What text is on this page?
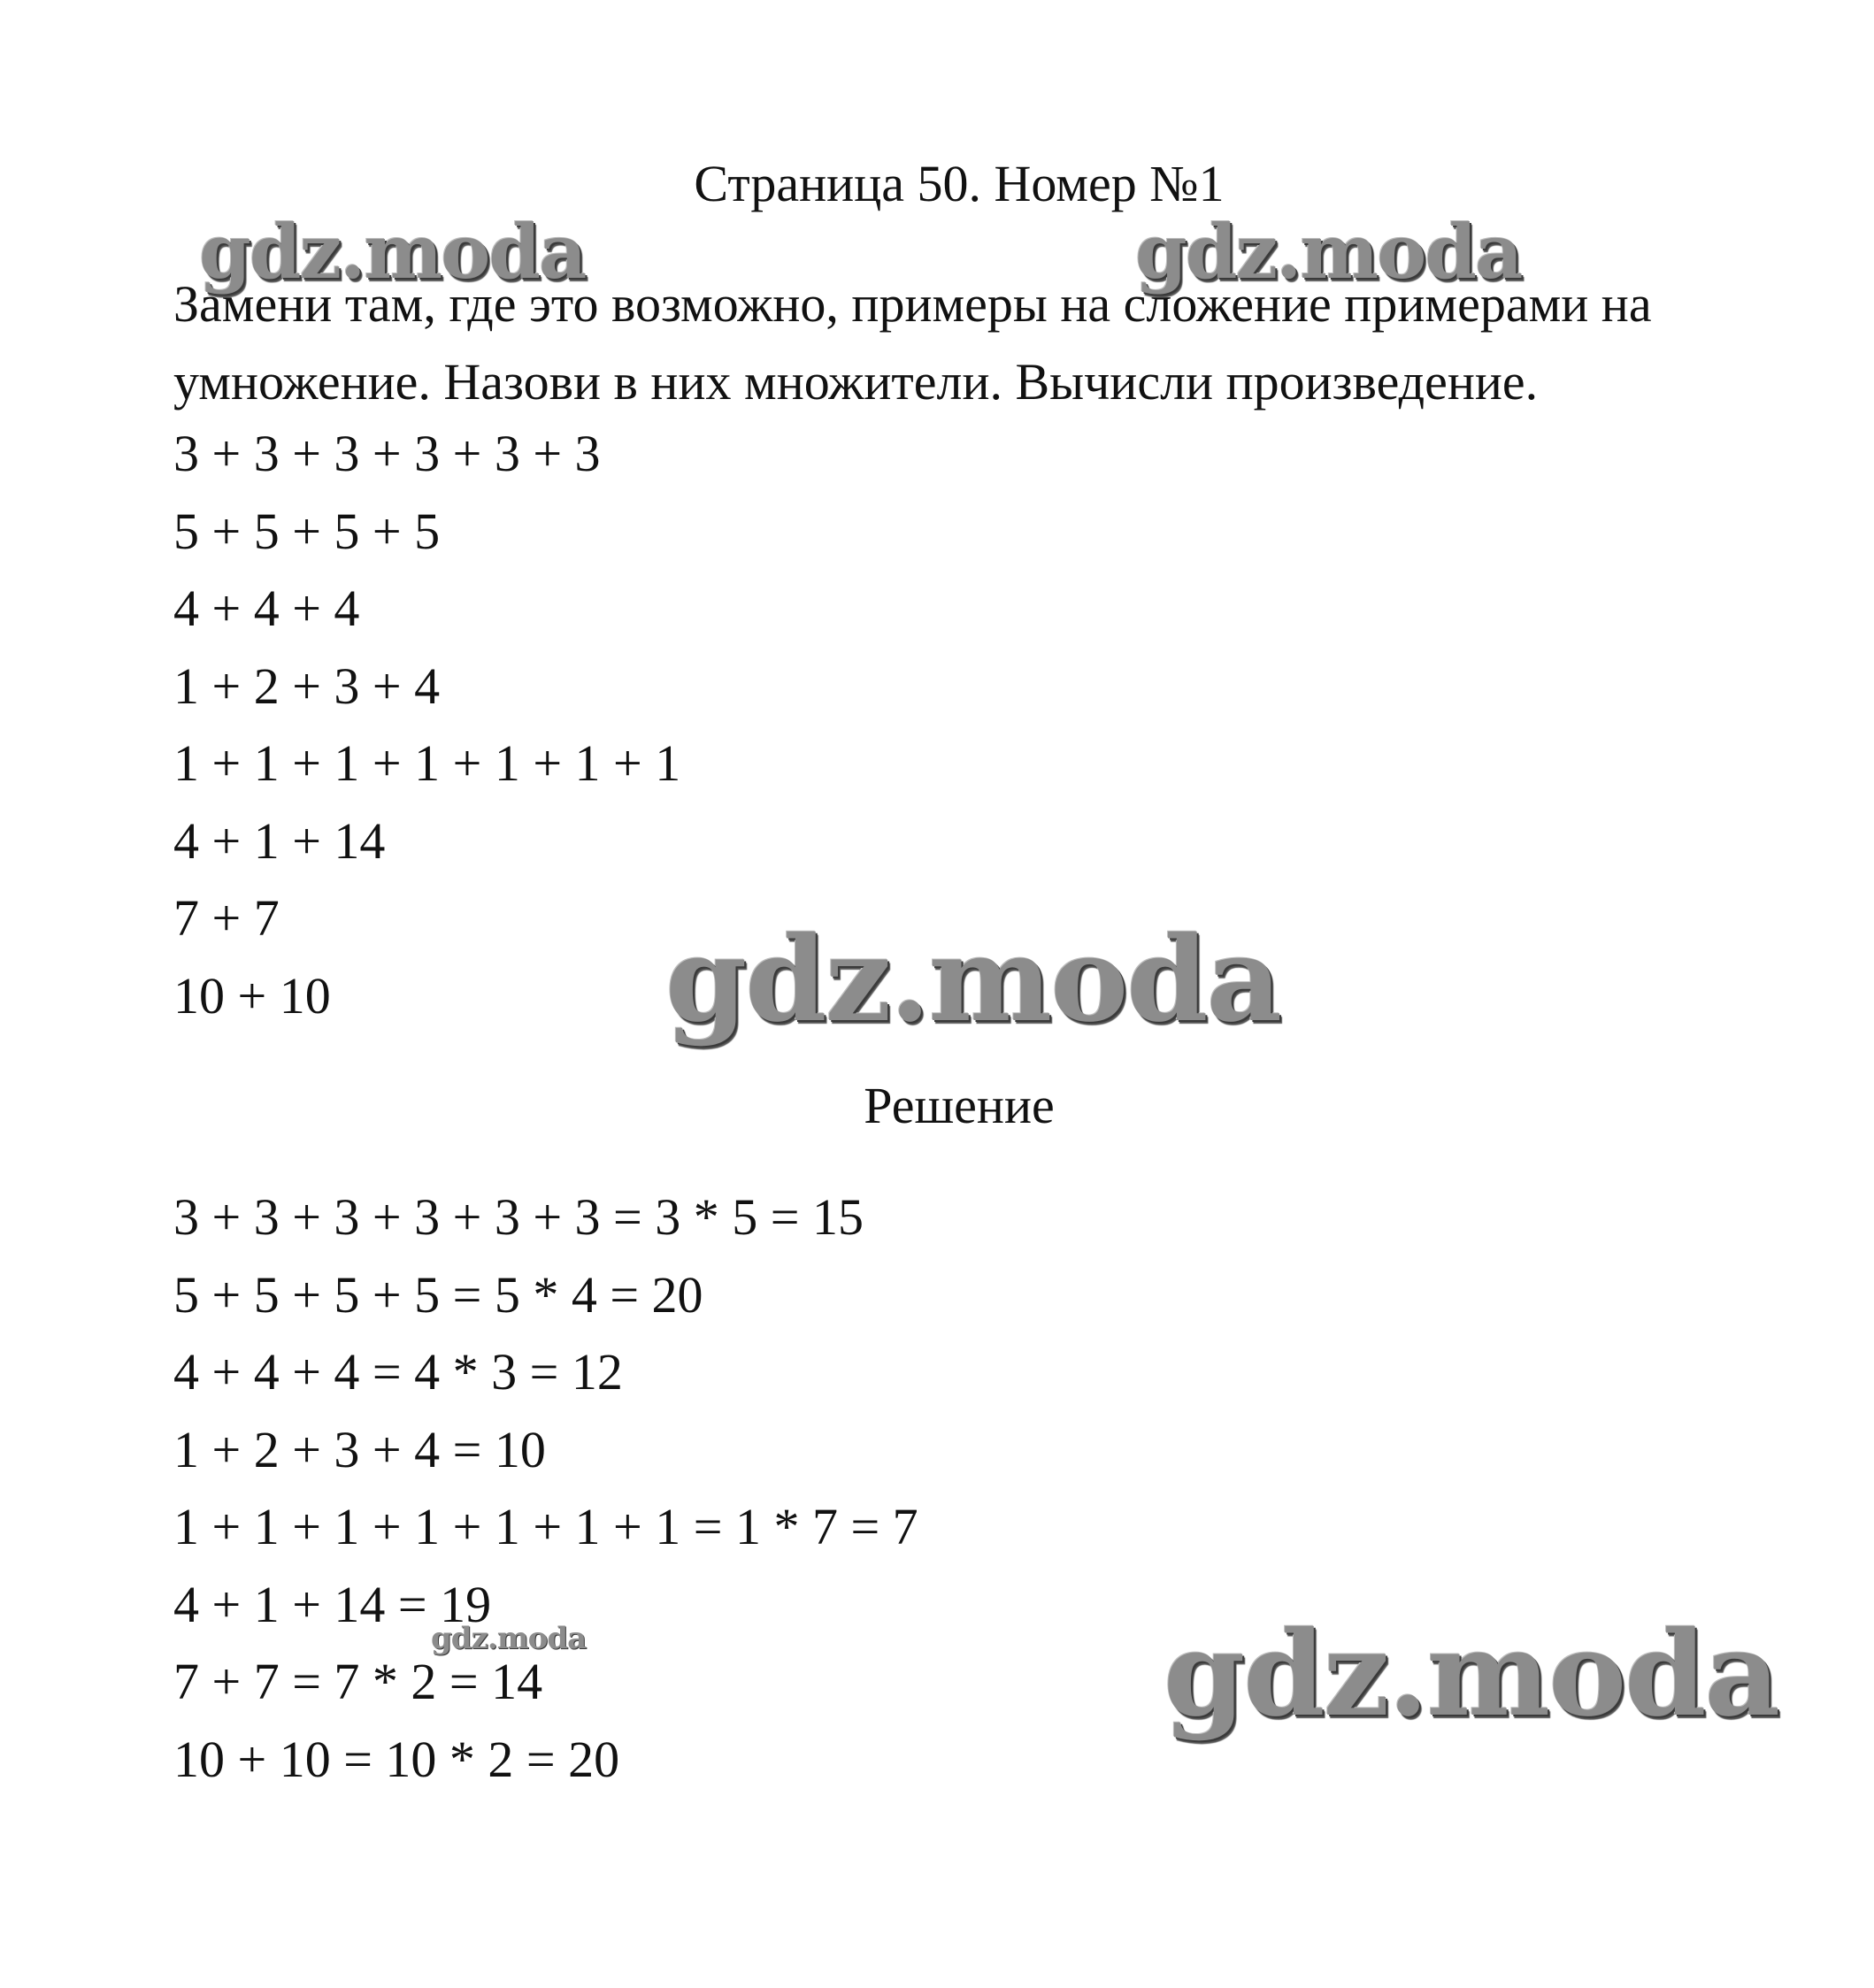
Страница 50. Номер №1

Замени там, где это возможно, примеры на сложение примерами на

умножение. Назови в них множители. Вычисли произведение.

3 + 3 + 3 + 3 + 3 + 3
5 + 5 + 5 + 5
4 + 4 + 4
1 + 2 + 3 + 4
1 + 1 + 1 + 1 + 1 + 1 + 1
4 + 1 + 14
7 + 7
10 + 10
Решение
3 + 3 + 3 + 3 + 3 + 3 = 3 * 5 = 15
5 + 5 + 5 + 5 = 5 * 4 = 20
4 + 4 + 4 = 4 * 3 = 12
1 + 2 + 3 + 4 = 10
1 + 1 + 1 + 1 + 1 + 1 + 1 = 1 * 7 = 7
4 + 1 + 14 = 19
7 + 7 = 7 * 2 = 14
10 + 10 = 10 * 2 = 20
gdz.moda	gdz.moda
gdz.moda
gdz.moda
gdz.moda
